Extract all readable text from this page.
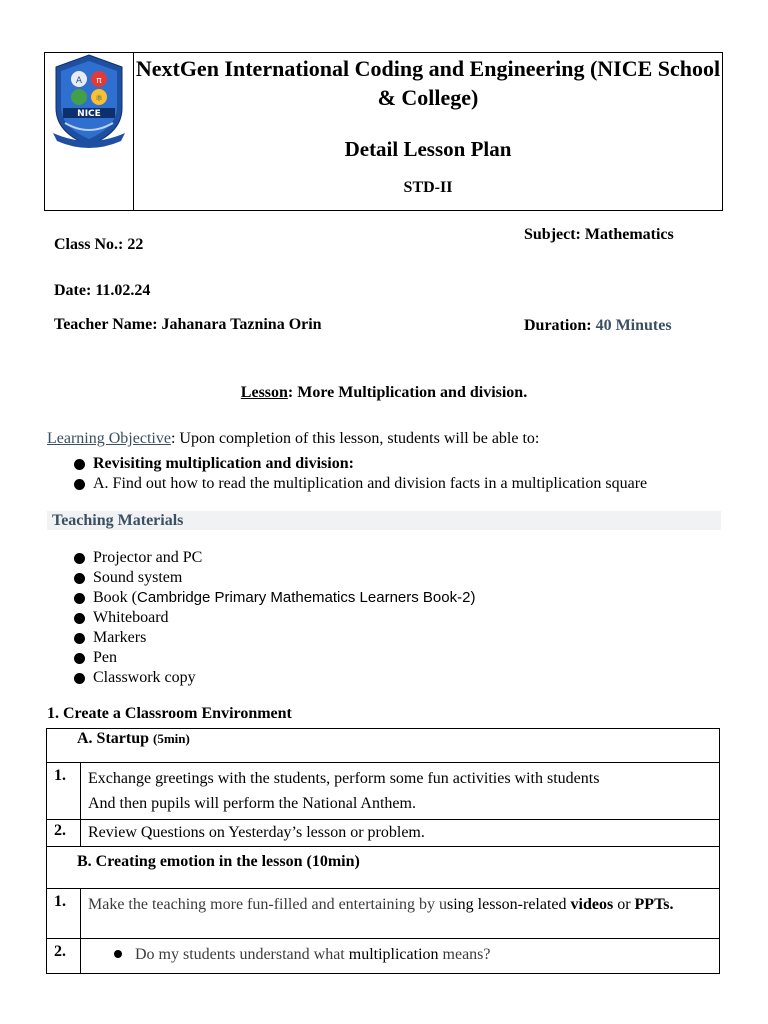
A π
⚛
NICE
NextGen International Coding and Engineering (NICE School & College)
Detail Lesson Plan
STD-II
Class No.: 22
Subject: Mathematics
Date: 11.02.24
Teacher Name: Jahanara Taznina Orin	Duration: 40 Minutes
Lesson: More Multiplication and division.
Learning Objective: Upon completion of this lesson, students will be able to:
Revisiting multiplication and division:
A. Find out how to read the multiplication and division facts in a multiplication square
Teaching Materials
Projector and PC
Sound system
Book (Cambridge Primary Mathematics Learners Book-2)
Whiteboard
Markers
Pen
Classwork copy
1. Create a Classroom Environment
A. Startup (5min)	
1.	Exchange greetings with the students, perform some fun activities with students
And then pupils will perform the National Anthem.

2.	Review Questions on Yesterday’s lesson or problem.
B. Creating emotion in the lesson (10min)	
1.	Make the teaching more fun-filled and entertaining by using lesson-related videos or PPTs.
2.	Do my students understand what multiplication means?
